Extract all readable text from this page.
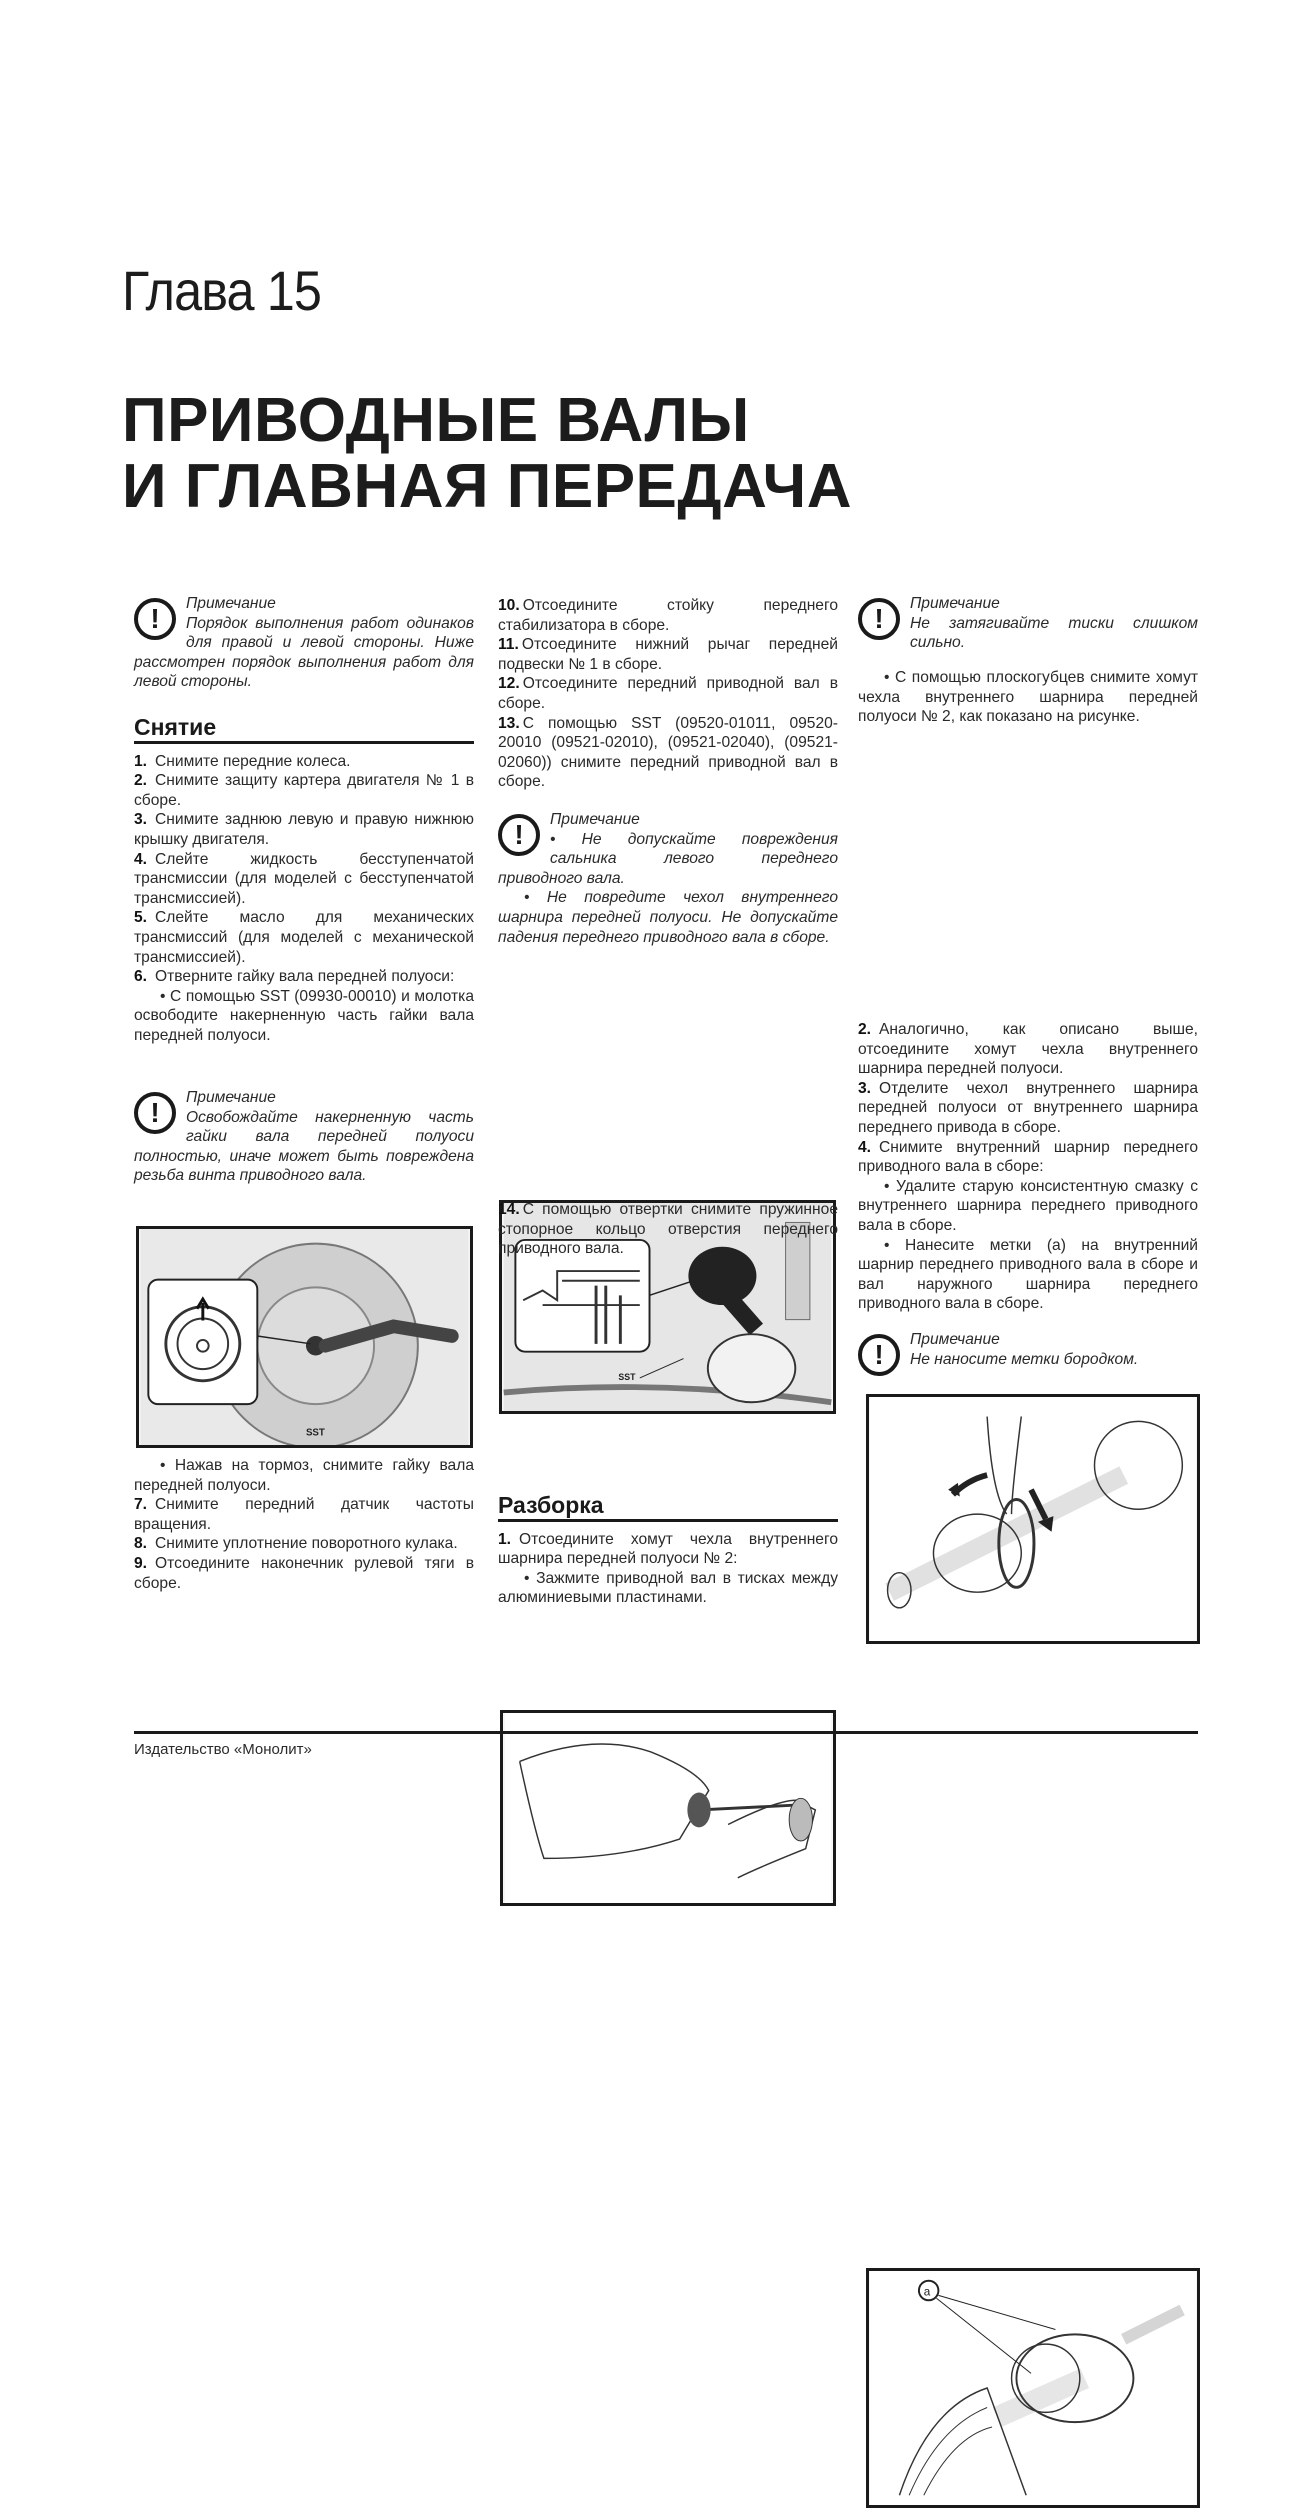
Глава 15
ПРИВОДНЫЕ ВАЛЫ
И ГЛАВНАЯ ПЕРЕДАЧА
!	Примечание
Порядок выполнения работ одинаков для правой и левой стороны. Ниже рассмотрен порядок выполнения работ для левой стороны.
Снятие

1. Снимите передние колеса.

2. Снимите защиту картера двигателя № 1 в сборе.

3. Снимите заднюю левую и правую нижнюю крышку двигателя.

4. Слейте жидкость бесступенчатой трансмиссии (для моделей с бесступенчатой трансмиссией).

5. Слейте масло для механических трансмиссий (для моделей с механической трансмиссией).

6. Отверните гайку вала передней полуоси:

• С помощью SST (09930-00010) и молотка освободите накерненную часть гайки вала передней полуоси.

!	Примечание
Освобождайте накерненную часть гайки вала передней полуоси полностью, иначе может быть повреждена резьба винта приводного вала.
SST

• Нажав на тормоз, снимите гайку вала передней полуоси.

7. Снимите передний датчик частоты вращения.

8. Снимите уплотнение поворотного кулака.

9. Отсоедините наконечник рулевой тяги в сборе.

10. Отсоедините стойку переднего стабилизатора в сборе.

11. Отсоедините нижний рычаг передней подвески № 1 в сборе.

12. Отсоедините передний приводной вал в сборе.

13. С помощью SST (09520-01011, 09520-20010 (09521-02010), (09521-02040), (09521-02060)) снимите передний приводной вал в сборе.

!	Примечание
• Не допускайте повреждения сальника левого переднего приводного вала.
• Не повредите чехол внутреннего шарнира передней полуоси. Не допускайте падения переднего приводного вала в сборе.
SST

14. С помощью отвертки снимите пружинное стопорное кольцо отверстия переднего приводного вала.

Разборка

1. Отсоедините хомут чехла внутреннего шарнира передней полуоси № 2:

• Зажмите приводной вал в тисках между алюминиевыми пластинами.

!	Примечание
Не затягивайте тиски слишком сильно.

• С помощью плоскогубцев снимите хомут чехла внутреннего шарнира передней полуоси № 2, как показано на рисунке.

2. Аналогично, как описано выше, отсоедините хомут чехла внутреннего шарнира передней полуоси.

3. Отделите чехол внутреннего шарнира передней полуоси от внутреннего шарнира переднего привода в сборе.

4. Снимите внутренний шарнир переднего приводного вала в сборе:

• Удалите старую консистентную смазку с внутреннего шарнира переднего приводного вала в сборе.

• Нанесите метки (а) на внутренний шарнир переднего приводного вала в сборе и вал наружного шарнира переднего приводного вала в сборе.

!	Примечание
Не наносите метки бородком.
a
Издательство «Монолит»
